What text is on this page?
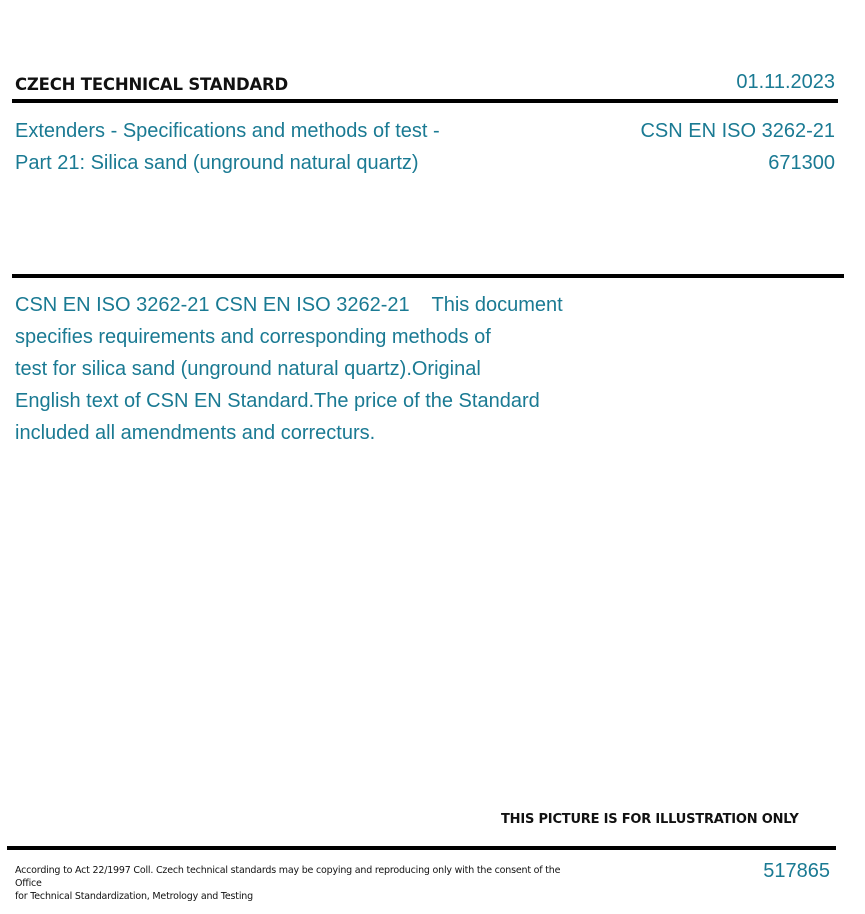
CZECH TECHNICAL STANDARD	01.11.2023
Extenders - Specifications and methods of test -
Part 21: Silica sand (unground natural quartz)
CSN EN ISO 3262-21
671300
CSN EN ISO 3262-21 CSN EN ISO 3262-21    This document
specifies requirements and corresponding methods of
test for silica sand (unground natural quartz).Original
English text of CSN EN Standard.The price of the Standard
included all amendments and correcturs.
THIS PICTURE IS FOR ILLUSTRATION ONLY
According to Act 22/1997 Coll. Czech technical standards may be copying and reproducing only with the consent of the Office
for Technical Standardization, Metrology and Testing
517865
